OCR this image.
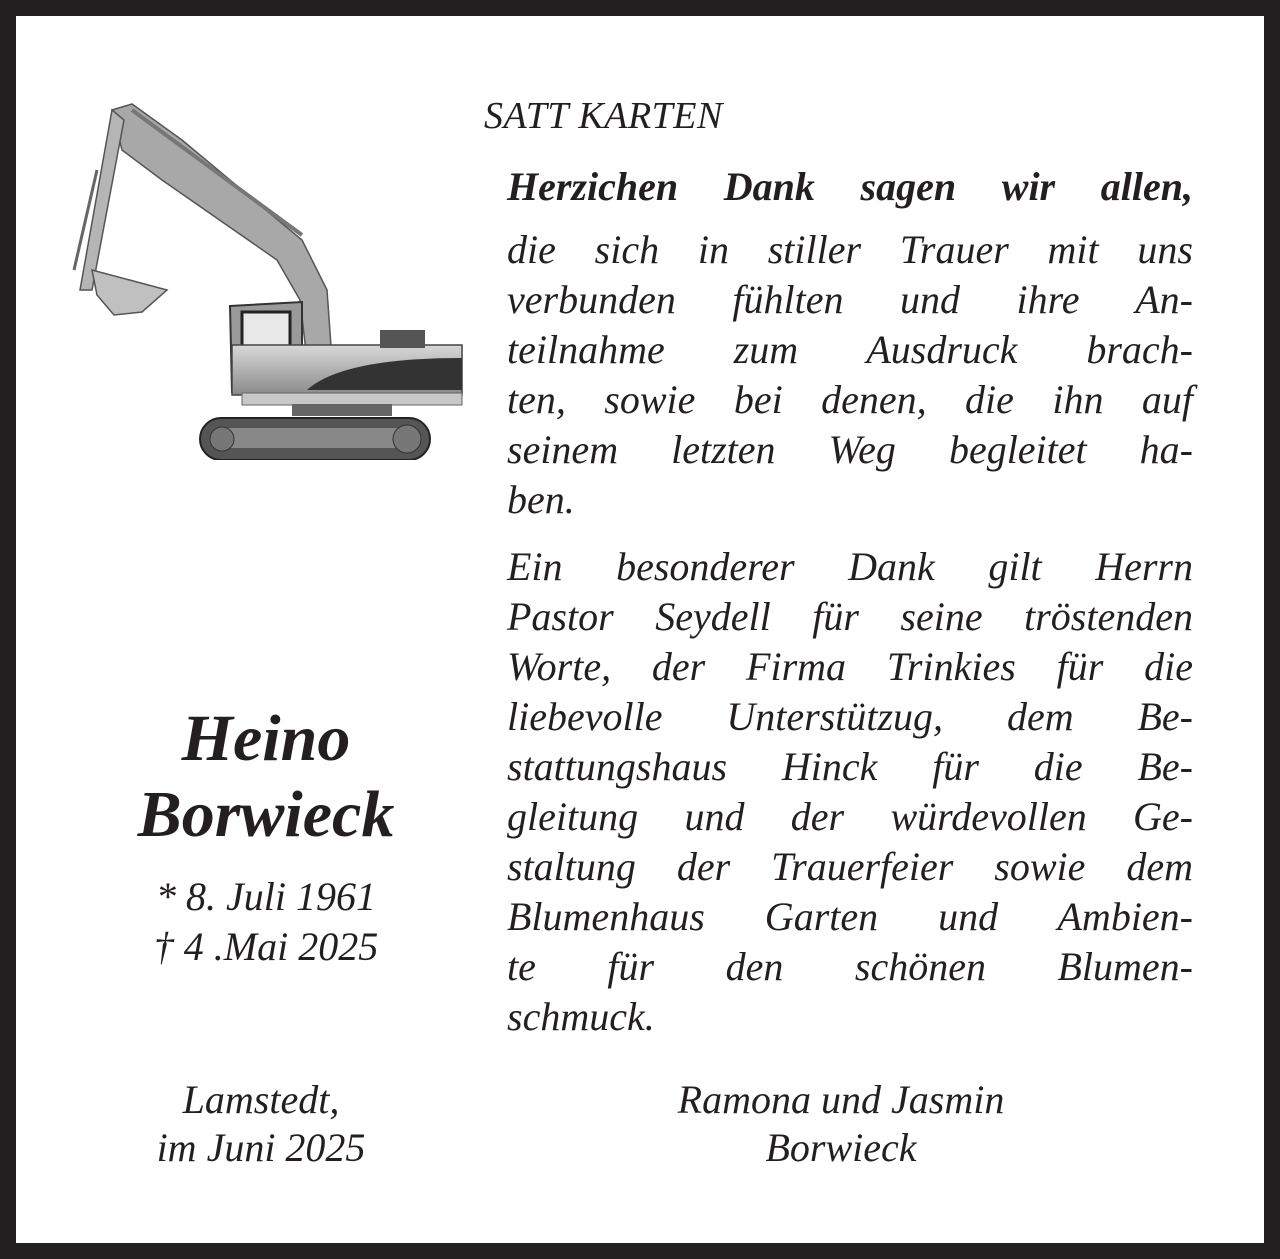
SATT KARTEN
Herzichen Dank sagen wir allen,
die sich in stiller Trauer mit uns
verbunden fühlten und ihre An-
teilnahme zum Ausdruck brach-
ten, sowie bei denen, die ihn auf
seinem letzten Weg begleitet ha-
ben.
Ein besonderer Dank gilt Herrn
Pastor Seydell für seine tröstenden
Worte, der Firma Trinkies für die
liebevolle Unterstützug, dem Be-
stattungshaus Hinck für die Be-
gleitung und der würdevollen Ge-
staltung der Trauerfeier sowie dem
Blumenhaus Garten und Ambien-
te für den schönen Blumen-
schmuck.
Heino
Borwieck
* 8. Juli 1961
† 4 .Mai 2025
Lamstedt,
im Juni 2025
Ramona und Jasmin
Borwieck
